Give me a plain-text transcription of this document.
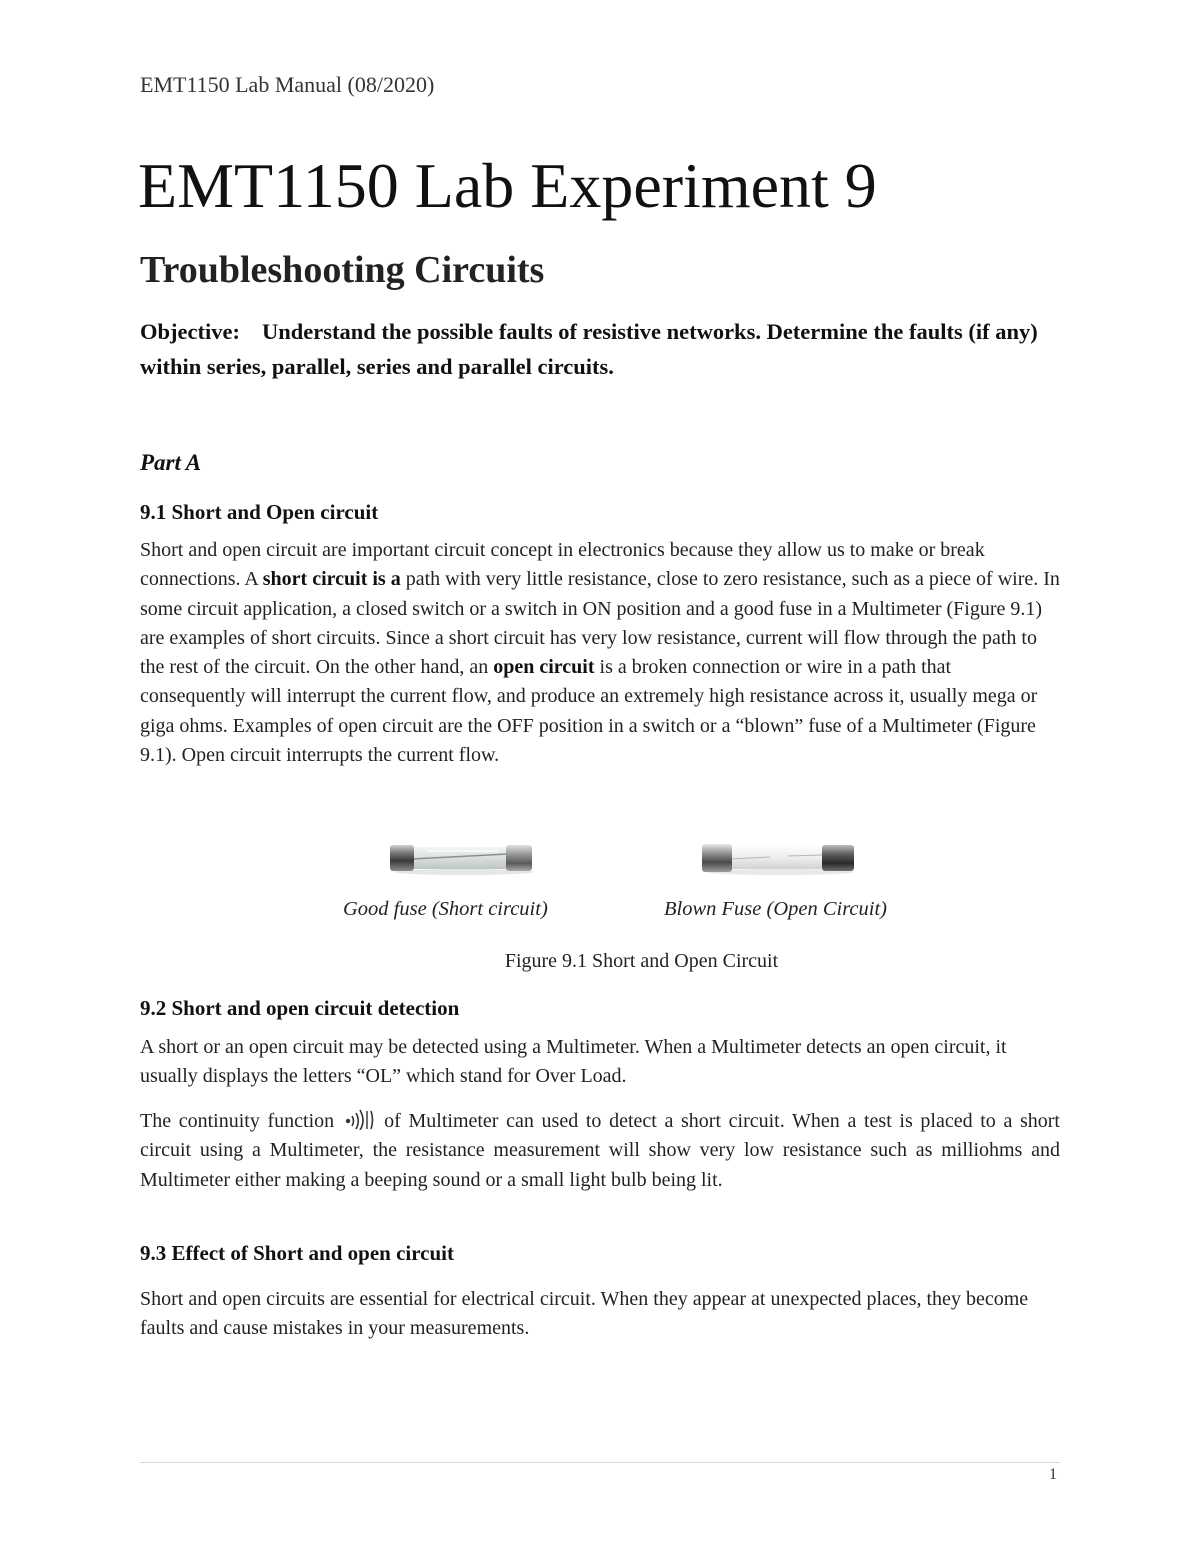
EMT1150 Lab Manual (08/2020)
EMT1150 Lab Experiment 9
Troubleshooting Circuits
Objective: Understand the possible faults of resistive networks. Determine the faults (if any) within series, parallel, series and parallel circuits.
Part A
9.1 Short and Open circuit

Short and open circuit are important circuit concept in electronics because they allow us to make or break connections. A short circuit is a path with very little resistance, close to zero resistance, such as a piece of wire. In some circuit application, a closed switch or a switch in ON position and a good fuse in a Multimeter (Figure 9.1) are examples of short circuits. Since a short circuit has very low resistance, current will flow through the path to the rest of the circuit. On the other hand, an open circuit is a broken connection or wire in a path that consequently will interrupt the current flow, and produce an extremely high resistance across it, usually mega or giga ohms. Examples of open circuit are the OFF position in a switch or a “blown” fuse of a Multimeter (Figure 9.1). Open circuit interrupts the current flow.

Good fuse (Short circuit)	Blown Fuse (Open Circuit)
Figure 9.1 Short and Open Circuit
9.2 Short and open circuit detection

A short or an open circuit may be detected using a Multimeter. When a Multimeter detects an open circuit, it usually displays the letters “OL” which stand for Over Load.

The continuity function	of Multimeter can used to detect a short circuit. When a test is placed to a short circuit using a Multimeter, the resistance measurement will show very low resistance such as milliohms and Multimeter either making a beeping sound or a small light bulb being lit.

9.3 Effect of Short and open circuit

Short and open circuits are essential for electrical circuit. When they appear at unexpected places, they become faults and cause mistakes in your measurements.

1
